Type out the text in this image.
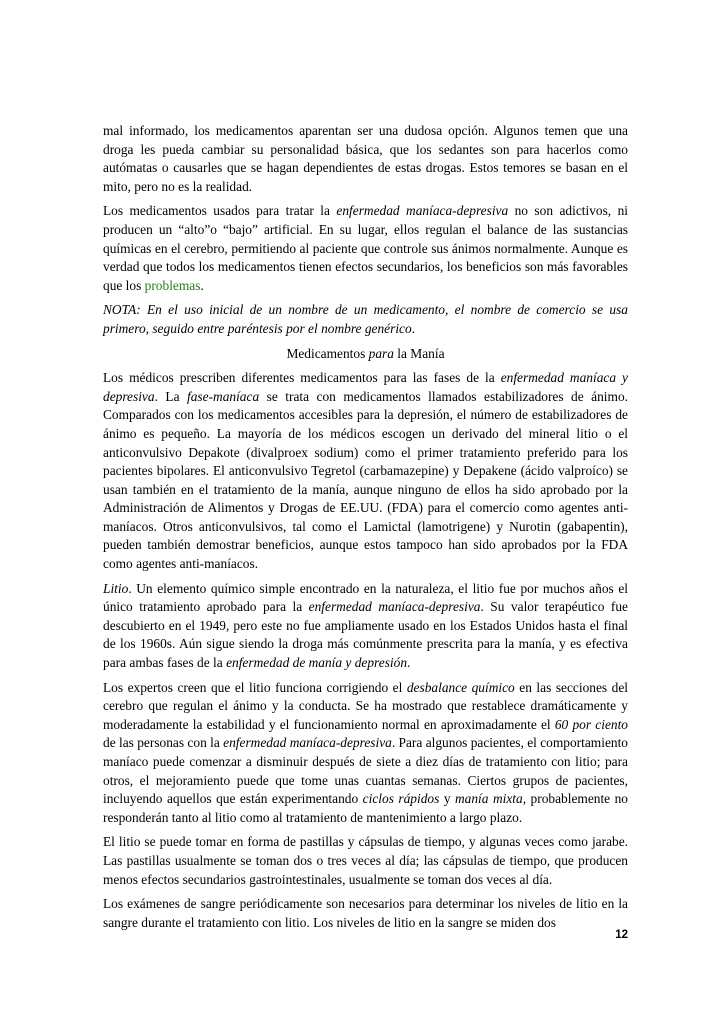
mal informado, los medicamentos aparentan ser una dudosa opción. Algunos temen que una droga les pueda cambiar su personalidad básica, que los sedantes son para hacerlos como autómatas o causarles que se hagan dependientes de estas drogas. Estos temores se basan en el mito, pero no es la realidad.

Los medicamentos usados para tratar la enfermedad maníaca-depresiva no son adictivos, ni producen un “alto”o “bajo” artificial. En su lugar, ellos regulan el balance de las sustancias químicas en el cerebro, permitiendo al paciente que controle sus ánimos normalmente. Aunque es verdad que todos los medicamentos tienen efectos secundarios, los beneficios son más favorables que los problemas.

NOTA: En el uso inicial de un nombre de un medicamento, el nombre de comercio se usa primero, seguido entre paréntesis por el nombre genérico.

Medicamentos para la Manía

Los médicos prescriben diferentes medicamentos para las fases de la enfermedad maníaca y depresiva. La fase-maníaca se trata con medicamentos llamados estabilizadores de ánimo. Comparados con los medicamentos accesibles para la depresión, el número de estabilizadores de ánimo es pequeño. La mayoría de los médicos escogen un derivado del mineral litio o el anticonvulsivo Depakote (divalproex sodium) como el primer tratamiento preferido para los pacientes bipolares. El anticonvulsivo Tegretol (carbamazepine) y Depakene (ácido valproíco) se usan también en el tratamiento de la manía, aunque ninguno de ellos ha sido aprobado por la Administración de Alimentos y Drogas de EE.UU. (FDA) para el comercio como agentes anti-maníacos. Otros anticonvulsivos, tal como el Lamictal (lamotrigene) y Nurotin (gabapentin), pueden también demostrar beneficios, aunque estos tampoco han sido aprobados por la FDA como agentes anti-maníacos.

Litio. Un elemento químico simple encontrado en la naturaleza, el litio fue por muchos años el único tratamiento aprobado para la enfermedad maníaca-depresiva. Su valor terapéutico fue descubierto en el 1949, pero este no fue ampliamente usado en los Estados Unidos hasta el final de los 1960s. Aún sigue siendo la droga más comúnmente prescrita para la manía, y es efectiva para ambas fases de la enfermedad de manía y depresión.

Los expertos creen que el litio funciona corrigiendo el desbalance químico en las secciones del cerebro que regulan el ánimo y la conducta. Se ha mostrado que restablece dramáticamente y moderadamente la estabilidad y el funcionamiento normal en aproximadamente el 60 por ciento de las personas con la enfermedad maníaca-depresiva. Para algunos pacientes, el comportamiento maníaco puede comenzar a disminuir después de siete a diez días de tratamiento con litio; para otros, el mejoramiento puede que tome unas cuantas semanas. Ciertos grupos de pacientes, incluyendo aquellos que están experimentando ciclos rápidos y manía mixta, probablemente no responderán tanto al litio como al tratamiento de mantenimiento a largo plazo.

El litio se puede tomar en forma de pastillas y cápsulas de tiempo, y algunas veces como jarabe. Las pastillas usualmente se toman dos o tres veces al día; las cápsulas de tiempo, que producen menos efectos secundarios gastrointestinales, usualmente se toman dos veces al día.

Los exámenes de sangre periódicamente son necesarios para determinar los niveles de litio en la sangre durante el tratamiento con litio. Los niveles de litio en la sangre se miden dos

12
